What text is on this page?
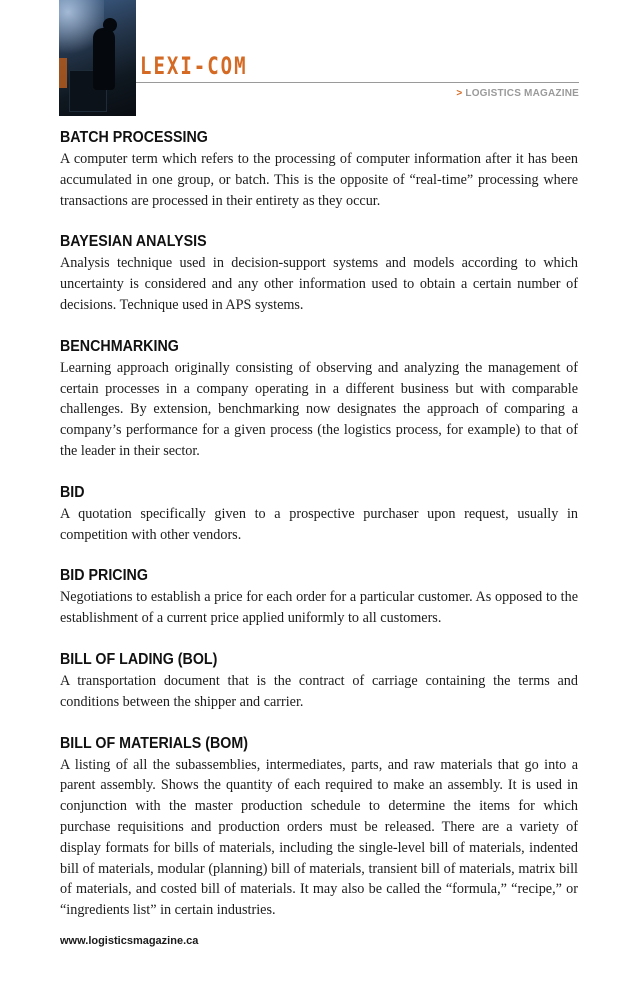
LEXI-COM
> LOGISTICS MAGAZINE
BATCH PROCESSING
A computer term which refers to the processing of computer information after it has been accumulated in one group, or batch. This is the opposite of “real-time” processing where transactions are processed in their entirety as they occur.
BAYESIAN ANALYSIS
Analysis technique used in decision-support systems and models according to which uncertainty is considered and any other information used to obtain a certain number of decisions. Technique used in APS systems.
BENCHMARKING
Learning approach originally consisting of observing and analyzing the management of certain processes in a company operating in a different business but with comparable challenges. By extension, benchmarking now designates the approach of comparing a company’s performance for a given process (the logistics process, for example) to that of the leader in their sector.
BID
A quotation specifically given to a prospective purchaser upon request, usually in competition with other vendors.
BID PRICING
Negotiations to establish a price for each order for a particular customer. As opposed to the establishment of a current price applied uniformly to all customers.
BILL OF LADING (BOL)
A transportation document that is the contract of carriage containing the terms and conditions between the shipper and carrier.
BILL OF MATERIALS (BOM)
A listing of all the subassemblies, intermediates, parts, and raw materials that go into a parent assembly. Shows the quantity of each required to make an assembly. It is used in conjunction with the master production schedule to determine the items for which purchase requisitions and production orders must be released. There are a variety of display formats for bills of materials, including the single-level bill of materials, indented bill of materials, modular (planning) bill of materials, transient bill of materials, matrix bill of materials, and costed bill of materials. It may also be called the “formula,” “recipe,” or “ingredients list” in certain industries.
www.logisticsmagazine.ca
